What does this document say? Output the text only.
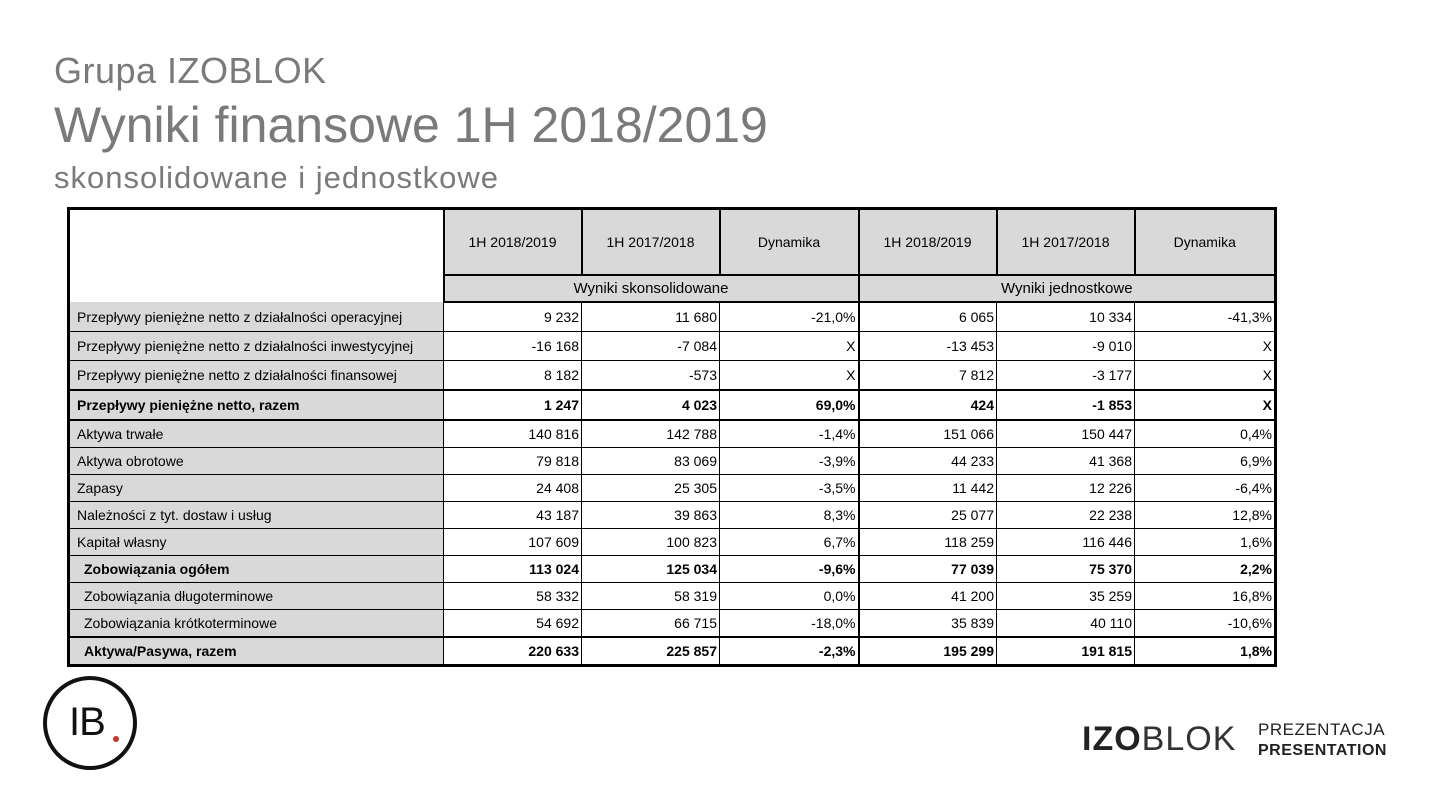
Grupa IZOBLOK
Wyniki finansowe 1H 2018/2019
skonsolidowane i jednostkowe
	1H 2018/2019	1H 2017/2018	Dynamika	1H 2018/2019	1H 2017/2018	Dynamika
	Wyniki skonsolidowane			Wyniki jednostkowe		
Przepływy pieniężne netto z działalności operacyjnej	9 232	11 680	-21,0%	6 065	10 334	-41,3%
Przepływy pieniężne netto z działalności inwestycyjnej	-16 168	-7 084	X	-13 453	-9 010	X
Przepływy pieniężne netto z działalności finansowej	8 182	-573	X	7 812	-3 177	X
Przepływy pieniężne netto, razem	1 247	4 023	69,0%	424	-1 853	X
Aktywa trwałe	140 816	142 788	-1,4%	151 066	150 447	0,4%
Aktywa obrotowe	79 818	83 069	-3,9%	44 233	41 368	6,9%
Zapasy	24 408	25 305	-3,5%	11 442	12 226	-6,4%
Należności z tyt. dostaw i usług	43 187	39 863	8,3%	25 077	22 238	12,8%
Kapitał własny	107 609	100 823	6,7%	118 259	116 446	1,6%
Zobowiązania ogółem	113 024	125 034	-9,6%	77 039	75 370	2,2%
Zobowiązania długoterminowe	58 332	58 319	0,0%	41 200	35 259	16,8%
Zobowiązania krótkoterminowe	54 692	66 715	-18,0%	35 839	40 110	-10,6%
Aktywa/Pasywa, razem	220 633	225 857	-2,3%	195 299	191 815	1,8%
IB	IZOBLOK PREZENTACJA
PRESENTATION
